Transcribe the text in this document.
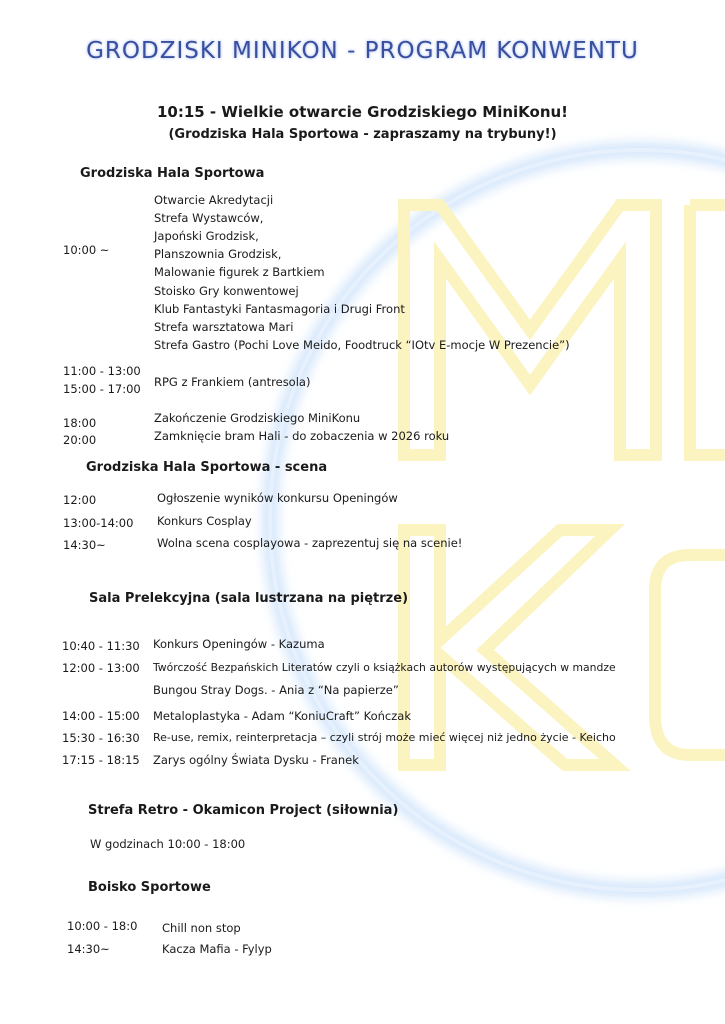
GRODZISKI MINIKON - PROGRAM KONWENTU
10:15 - Wielkie otwarcie Grodziskiego MiniKonu!
(Grodziska Hala Sportowa - zapraszamy na trybuny!)
Grodziska Hala Sportowa
10:00 ~
Otwarcie Akredytacji
Strefa Wystawców,
Japoński Grodzisk,
Planszownia Grodzisk,
Malowanie figurek z Bartkiem
Stoisko Gry konwentowej
Klub Fantastyki Fantasmagoria i Drugi Front
Strefa warsztatowa Mari
Strefa Gastro (Pochi Love Meido, Foodtruck “IOtv E-mocje W Prezencie”)
11:00 - 13:00
15:00 - 17:00 RPG z Frankiem (antresola)
18:00	Zakończenie Grodziskiego MiniKonu
20:00	Zamknięcie bram Hali - do zobaczenia w 2026 roku
Grodziska Hala Sportowa - scena
12:00	Ogłoszenie wyników konkursu Openingów
13:00-14:00 Konkurs Cosplay
14:30~	Wolna scena cosplayowa - zaprezentuj się na scenie!
Sala Prelekcyjna (sala lustrzana na piętrze)
10:40 - 11:30 Konkurs Openingów - Kazuma
12:00 - 13:00 Twórczość Bezpańskich Literatów czyli o książkach autorów występujących w mandze
Bungou Stray Dogs. - Ania z “Na papierze”
14:00 - 15:00 Metaloplastyka - Adam “KoniuCraft” Kończak
15:30 - 16:30 Re-use, remix, reinterpretacja – czyli strój może mieć więcej niż jedno życie - Keicho
17:15 - 18:15 Zarys ogólny Świata Dysku - Franek
Strefa Retro - Okamicon Project (siłownia)
W godzinach 10:00 - 18:00
Boisko Sportowe
10:00 - 18:0 Chill non stop
14:30~	Kacza Mafia - Fylyp
